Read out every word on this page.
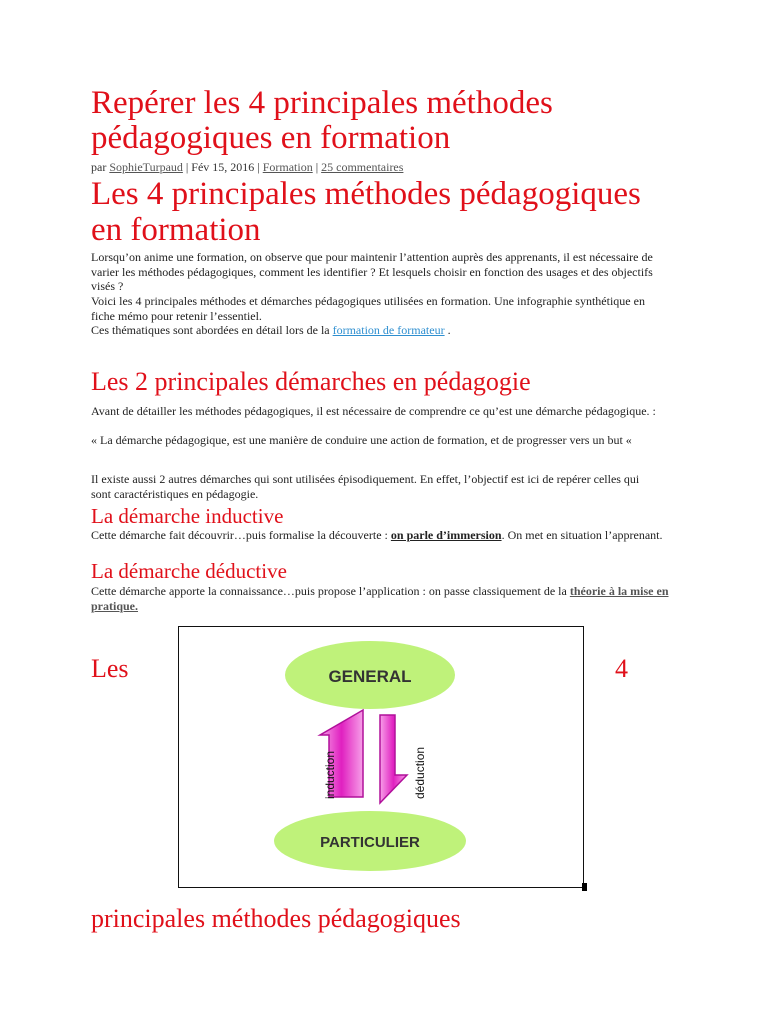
Repérer les 4 principales méthodes pédagogiques en formation
par SophieTurpaud | Fév 15, 2016 | Formation | 25 commentaires
Les 4 principales méthodes pédagogiques en formation

Lorsqu’on anime une formation, on observe que pour maintenir l’attention auprès des apprenants, il est nécessaire de varier les méthodes pédagogiques, comment les identifier ? Et lesquels choisir en fonction des usages et des objectifs visés ?

Voici les 4 principales méthodes et démarches pédagogiques utilisées en formation. Une infographie synthétique en fiche mémo pour retenir l’essentiel.

Ces thématiques sont abordées en détail lors de la formation de formateur .

Les 2 principales démarches en pédagogie

Avant de détailler les méthodes pédagogiques, il est nécessaire de comprendre ce qu’est une démarche pédagogique. :

« La démarche pédagogique, est une manière de conduire une action de formation, et de progresser vers un but «

Il existe aussi 2 autres démarches qui sont utilisées épisodiquement. En effet, l’objectif est ici de repérer celles qui sont caractéristiques en pédagogie.

La démarche inductive

Cette démarche fait découvrir…puis formalise la découverte : on parle d’immersion. On met en situation l’apprenant.

La démarche déductive

Cette démarche apporte la connaissance…puis propose l’application : on passe classiquement de la théorie à la mise en pratique.

Les	4
GENERAL
PARTICULIER
induction	déduction
principales méthodes pédagogiques
